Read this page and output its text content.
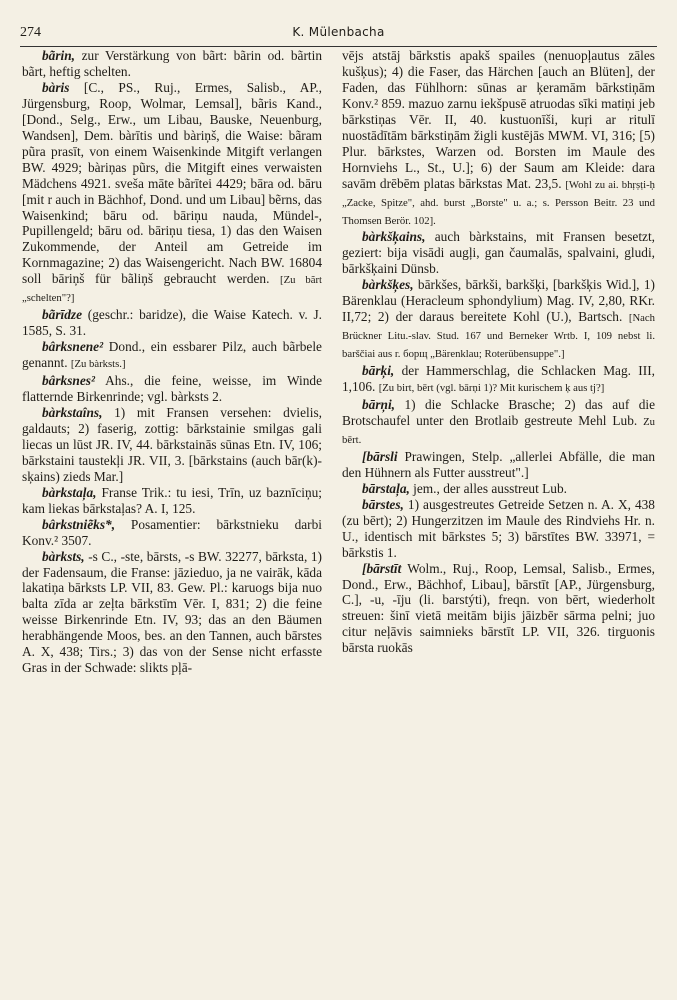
274	K. Mülenbacha

bãrin, zur Verstärkung von bãrt: bãrin od. bãrtin bãrt, heftig schelten.

bàris [C., PS., Ruj., Ermes, Salisb., AP., Jürgensburg, Roop, Wolmar, Lemsal], bãris Kand., [Dond., Selg., Erw., um Libau, Bauske, Neuenburg, Wandsen], Dem. bàrītis und bàriņš, die Waise: bãram pũra prasīt, von einem Waisenkinde Mitgift verlangen BW. 4929; bàriņas pũrs, die Mitgift eines verwaisten Mädchens 4921. sveša māte bãrītei 4429; bāra od. bāru [mit r auch in Bächhof, Dond. und um Libau] bẽrns, das Waisenkind; bāru od. bāriņu nauda, Mündel-, Pupillengeld; bāru od. bāriņu tiesa, 1) das den Waisen Zukommende, der Anteil am Getreide im Kornmagazine; 2) das Waisengericht. Nach BW. 16804 soll bāriņš für bãliņš gebraucht werden. [Zu bãrt „schelten"?]

bãrīdze (geschr.: baridze), die Waise Katech. v. J. 1585, S. 31.

bârksnene² Dond., ein essbarer Pilz, auch bãrbele genannt. [Zu bàrksts.]

bârksnes² Ahs., die feine, weisse, im Winde flatternde Birkenrinde; vgl. bàrksts 2.

bàrkstaîns, 1) mit Fransen versehen: dvielis, galdauts; 2) faserig, zottig: bārkstainie smilgas gali liecas un lūst JR. IV, 44. bārkstainās sūnas Etn. IV, 106; bārkstaini taustekļi JR. VII, 3. [bārkstains (auch bār(k)-sķains) zieds Mar.]

bàrkstaļa, Franse Trik.: tu iesi, Trīn, uz baznīciņu; kam liekas bārkstaļas? A. I, 125.

bârkstniẽks*, Posamentier: bārkstnieku darbi Konv.² 3507.

bàrksts, -s C., -ste, bārsts, -s BW. 32277, bārksta, 1) der Fadensaum, die Franse: jāzieduo, ja ne vairāk, kāda lakatiņa bārksts LP. VII, 83. Gew. Pl.: karuogs bija nuo balta zīda ar zeļta bārkstīm Vēr. I, 831; 2) die feine weisse Birkenrinde Etn. IV, 93; das an den Bäumen herabhängende Moos, bes. an den Tannen, auch bārstes A. X, 438; Tirs.; 3) das von der Sense nicht erfasste Gras in der Schwade: slikts pļā-

vējs atstāj bārkstis apakš spailes (nenuopļautus zāles kušķus); 4) die Faser, das Härchen [auch an Blüten], der Faden, das Fühlhorn: sūnas ar ķeramām bārkstiņām Konv.² 859. mazuo zarnu iekšpusē atruodas sīki matiņi jeb bārkstiņas Vēr. II, 40. kustuonīši, kuŗi ar ritulī nuostādītām bārkstiņām žigli kustējās MWM. VI, 316; [5) Plur. bārkstes, Warzen od. Borsten im Maule des Hornviehs L., St., U.]; 6) der Saum am Kleide: dara savām drēbēm platas bārkstas Mat. 23,5. [Wohl zu ai. bhṛṣṭi-ḥ „Zacke, Spitze", ahd. burst „Borste" u. a.; s. Persson Beitr. 23 und Thomsen Berör. 102].

bàrkšķains, auch bàrkstains, mit Fransen besetzt, geziert: bija visādi augļi, gan čaumalās, spalvaini, gludi, bārkšķaini Dünsb.

bàrkšķes, bārkšes, bārkši, barkšķi, [barkšķis Wid.], 1) Bärenklau (Heracleum sphondylium) Mag. IV, 2,80, RKr. II,72; 2) der daraus bereitete Kohl (U.), Bartsch. [Nach Brückner Litu.-slav. Stud. 167 und Berneker Wrtb. I, 109 nebst li. barščiai aus r. борщ „Bärenklau; Roterübensuppe".]

bārķi, der Hammerschlag, die Schlacken Mag. III, 1,106. [Zu birt, bērt (vgl. bārņi 1)? Mit kurischem ķ aus tj?]

bārņi, 1) die Schlacke Brasche; 2) das auf die Brotschaufel unter den Brotlaib gestreute Mehl Lub. Zu bērt.

[bārsli Prawingen, Stelp. „allerlei Abfälle, die man den Hühnern als Futter ausstreut".]

bārstaļa, jem., der alles ausstreut Lub.

bārstes, 1) ausgestreutes Getreide Setzen n. A. X, 438 (zu bērt); 2) Hungerzitzen im Maule des Rindviehs Hr. n. U., identisch mit bārkstes 5; 3) bārstītes BW. 33971, = bārkstis 1.

[bārstīt Wolm., Ruj., Roop, Lemsal, Salisb., Ermes, Dond., Erw., Bächhof, Libau], bārstīt [AP., Jürgensburg, C.], -u, -īju (li. barstýti), freqn. von bērt, wiederholt streuen: šinī vietā meitām bijis jāizbēr sārma pelni; juo citur neļāvis saimnieks bārstīt LP. VII, 326. tirguonis bārsta ruokās
